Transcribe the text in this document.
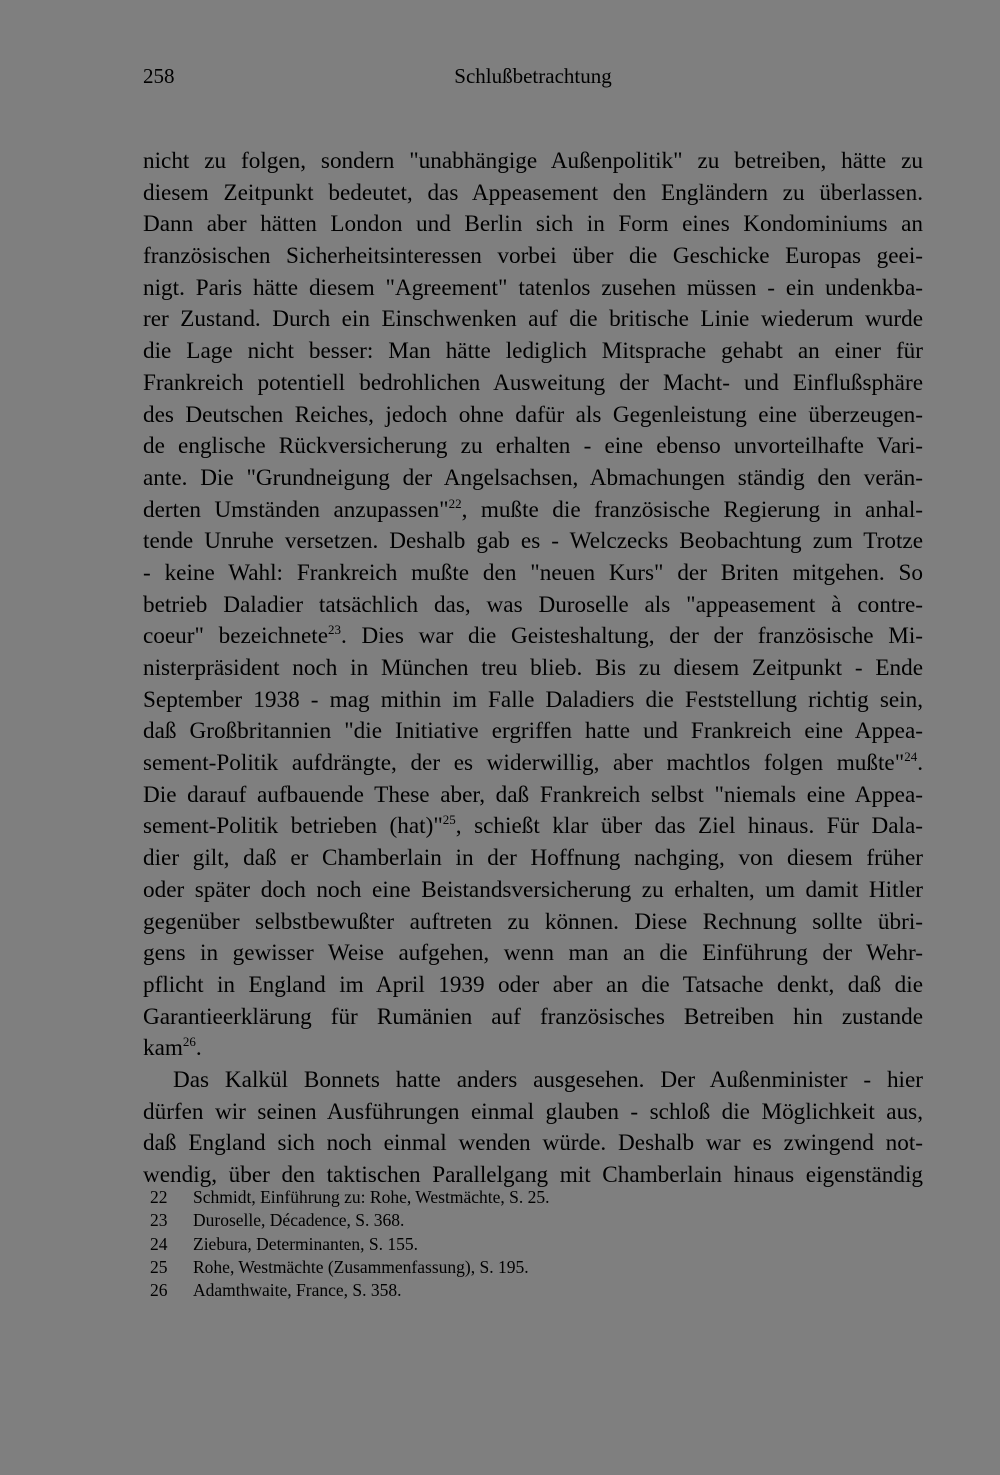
258	Schlußbetrachtung
nicht zu folgen, sondern "unabhängige Außenpolitik" zu betreiben, hätte zu
diesem Zeitpunkt bedeutet, das Appeasement den Engländern zu überlassen.
Dann aber hätten London und Berlin sich in Form eines Kondominiums an
französischen Sicherheitsinteressen vorbei über die Geschicke Europas geei-
nigt. Paris hätte diesem "Agreement" tatenlos zusehen müssen - ein undenkba-
rer Zustand. Durch ein Einschwenken auf die britische Linie wiederum wurde
die Lage nicht besser: Man hätte lediglich Mitsprache gehabt an einer für
Frankreich potentiell bedrohlichen Ausweitung der Macht- und Einflußsphäre
des Deutschen Reiches, jedoch ohne dafür als Gegenleistung eine überzeugen-
de englische Rückversicherung zu erhalten - eine ebenso unvorteilhafte Vari-
ante. Die "Grundneigung der Angelsachsen, Abmachungen ständig den verän-
derten Umständen anzupassen"$^{22}$, mußte die französische Regierung in anhal-
tende Unruhe versetzen. Deshalb gab es - Welczecks Beobachtung zum Trotze
- keine Wahl: Frankreich mußte den "neuen Kurs" der Briten mitgehen. So
betrieb Daladier tatsächlich das, was Duroselle als "appeasement à contre-
coeur" bezeichnete$^{23}$. Dies war die Geisteshaltung, der der französische Mi-
nisterpräsident noch in München treu blieb. Bis zu diesem Zeitpunkt - Ende
September 1938 - mag mithin im Falle Daladiers die Feststellung richtig sein,
daß Großbritannien "die Initiative ergriffen hatte und Frankreich eine Appea-
sement-Politik aufdrängte, der es widerwillig, aber machtlos folgen mußte"$^{24}$.
Die darauf aufbauende These aber, daß Frankreich selbst "niemals eine Appea-
sement-Politik betrieben (hat)"$^{25}$, schießt klar über das Ziel hinaus. Für Dala-
dier gilt, daß er Chamberlain in der Hoffnung nachging, von diesem früher
oder später doch noch eine Beistandsversicherung zu erhalten, um damit Hitler
gegenüber selbstbewußter auftreten zu können. Diese Rechnung sollte übri-
gens in gewisser Weise aufgehen, wenn man an die Einführung der Wehr-
pflicht in England im April 1939 oder aber an die Tatsache denkt, daß die
Garantieerklärung für Rumänien auf französisches Betreiben hin zustande
kam$^{26}$.
Das Kalkül Bonnets hatte anders ausgesehen. Der Außenminister - hier
dürfen wir seinen Ausführungen einmal glauben - schloß die Möglichkeit aus,
daß England sich noch einmal wenden würde. Deshalb war es zwingend not-
wendig, über den taktischen Parallelgang mit Chamberlain hinaus eigenständig
22 Schmidt, Einführung zu: Rohe, Westmächte, S. 25.
23 Duroselle, Décadence, S. 368.
24 Ziebura, Determinanten, S. 155.
25 Rohe, Westmächte (Zusammenfassung), S. 195.
26 Adamthwaite, France, S. 358.
